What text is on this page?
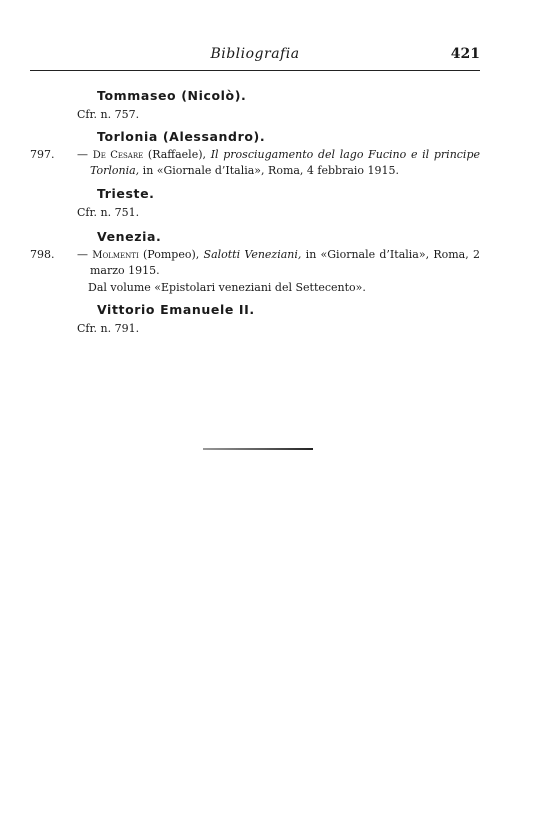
Bibliografia	421

Tommaseo (Nicolò).

Cfr. n. 757.

Torlonia (Alessandro).

797. — De Cesare (Raffaele), Il prosciugamento del lago Fucino e il principe Torlonia, in «Giornale d’Italia», Roma, 4 febbraio 1915.

Trieste.

Cfr. n. 751.

Venezia.

798. — Molmenti (Pompeo), Salotti Veneziani, in «Giornale d’Italia», Roma, 2 marzo 1915.

Dal volume «Epistolari veneziani del Settecento».

Vittorio Emanuele II.

Cfr. n. 791.
